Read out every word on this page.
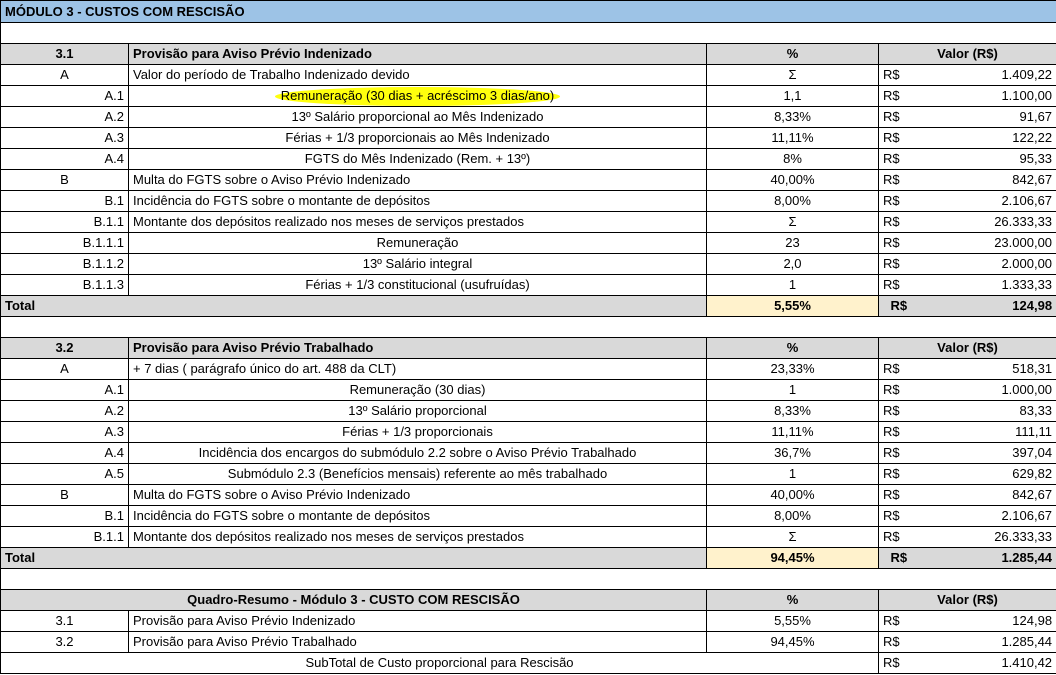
MÓDULO 3 - CUSTOS COM RESCISÃO				

3.1	Provisão para Aviso Prévio Indenizado	%	Valor (R$)	
A	Valor do período de Trabalho Indenizado devido	Σ	R$	1.409,22
A.1	Remuneração (30 dias + acréscimo 3 dias/ano)	1,1	R$	1.100,00
A.2	13º Salário proporcional ao Mês Indenizado	8,33%	R$	91,67
A.3	Férias + 1/3 proporcionais ao Mês Indenizado	11,11%	R$	122,22
A.4	FGTS do Mês Indenizado (Rem. + 13º)	8%	R$	95,33
B	Multa do FGTS sobre o Aviso Prévio Indenizado	40,00%	R$	842,67
B.1	Incidência do FGTS sobre o montante de depósitos	8,00%	R$	2.106,67
B.1.1	Montante dos depósitos realizado nos meses de serviços prestados	Σ	R$	26.333,33
B.1.1.1	Remuneração	23	R$	23.000,00
B.1.1.2	13º Salário integral	2,0	R$	2.000,00
B.1.1.3	Férias + 1/3 constitucional (usufruídas)	1	R$	1.333,33
Total		5,55%	R$	124,98

3.2	Provisão para Aviso Prévio Trabalhado	%	Valor (R$)	
A	+ 7 dias ( parágrafo único do art. 488 da CLT)	23,33%	R$	518,31
A.1	Remuneração (30 dias)	1	R$	1.000,00
A.2	13º Salário proporcional	8,33%	R$	83,33
A.3	Férias + 1/3 proporcionais	11,11%	R$	111,11
A.4	Incidência dos encargos do submódulo 2.2 sobre o Aviso Prévio Trabalhado	36,7%	R$	397,04
A.5	Submódulo 2.3 (Benefícios mensais) referente ao mês trabalhado	1	R$	629,82
B	Multa do FGTS sobre o Aviso Prévio Indenizado	40,00%	R$	842,67
B.1	Incidência do FGTS sobre o montante de depósitos	8,00%	R$	2.106,67
B.1.1	Montante dos depósitos realizado nos meses de serviços prestados	Σ	R$	26.333,33
Total		94,45%	R$	1.285,44

Quadro-Resumo - Módulo 3 - CUSTO COM RESCISÃO		%	Valor (R$)	
3.1	Provisão para Aviso Prévio Indenizado	5,55%	R$	124,98
3.2	Provisão para Aviso Prévio Trabalhado	94,45%	R$	1.285,44
SubTotal de Custo proporcional para Rescisão			R$	1.410,42
